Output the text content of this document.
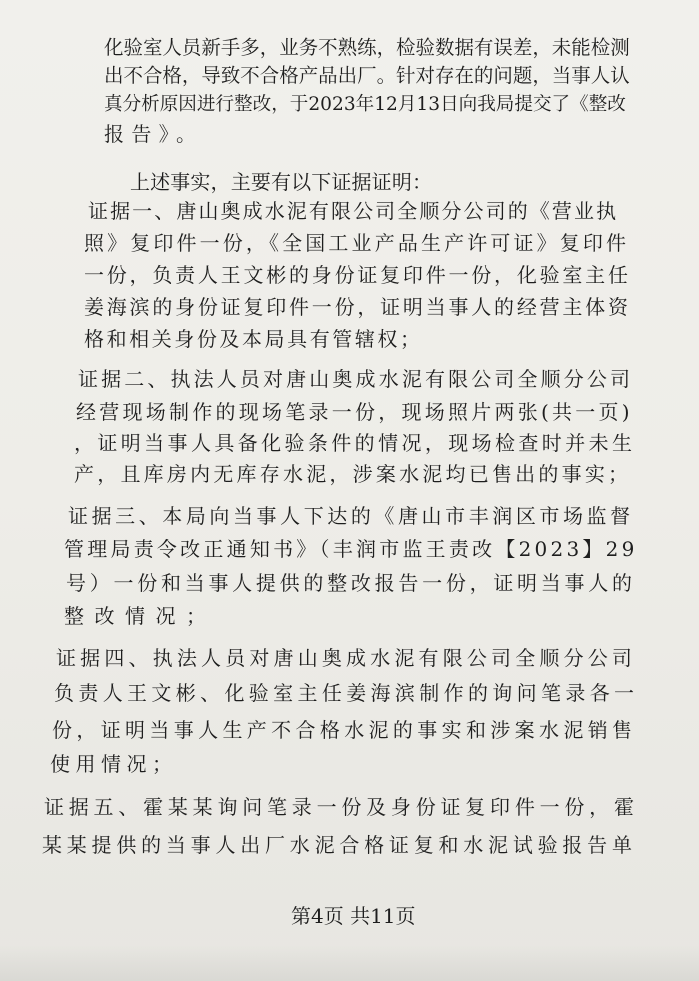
化验室人员新手多，业务不熟练，检验数据有误差，未能检测
出不合格，导致不合格产品出厂。针对存在的问题，当事人认
真分析原因进行整改，于2023年12月13日向我局提交了《整改
报告》。
上述事实，主要有以下证据证明：
证据一、唐山奥成水泥有限公司全顺分公司的《营业执
照》复印件一份，《全国工业产品生产许可证》复印件
一份，负责人王文彬的身份证复印件一份，化验室主任
姜海滨的身份证复印件一份，证明当事人的经营主体资
格和相关身份及本局具有管辖权；
证据二、执法人员对唐山奥成水泥有限公司全顺分公司
经营现场制作的现场笔录一份，现场照片两张(共一页)
，证明当事人具备化验条件的情况，现场检查时并未生
产，且库房内无库存水泥，涉案水泥均已售出的事实；
证据三、本局向当事人下达的《唐山市丰润区市场监督
管理局责令改正通知书》（丰润市监王责改【2023】29
号）一份和当事人提供的整改报告一份，证明当事人的
整改情况；
证据四、执法人员对唐山奥成水泥有限公司全顺分公司
负责人王文彬、化验室主任姜海滨制作的询问笔录各一
份，证明当事人生产不合格水泥的事实和涉案水泥销售
使用情况；
证据五、霍某某询问笔录一份及身份证复印件一份，霍
某某提供的当事人出厂水泥合格证复和水泥试验报告单
第4页 共11页
